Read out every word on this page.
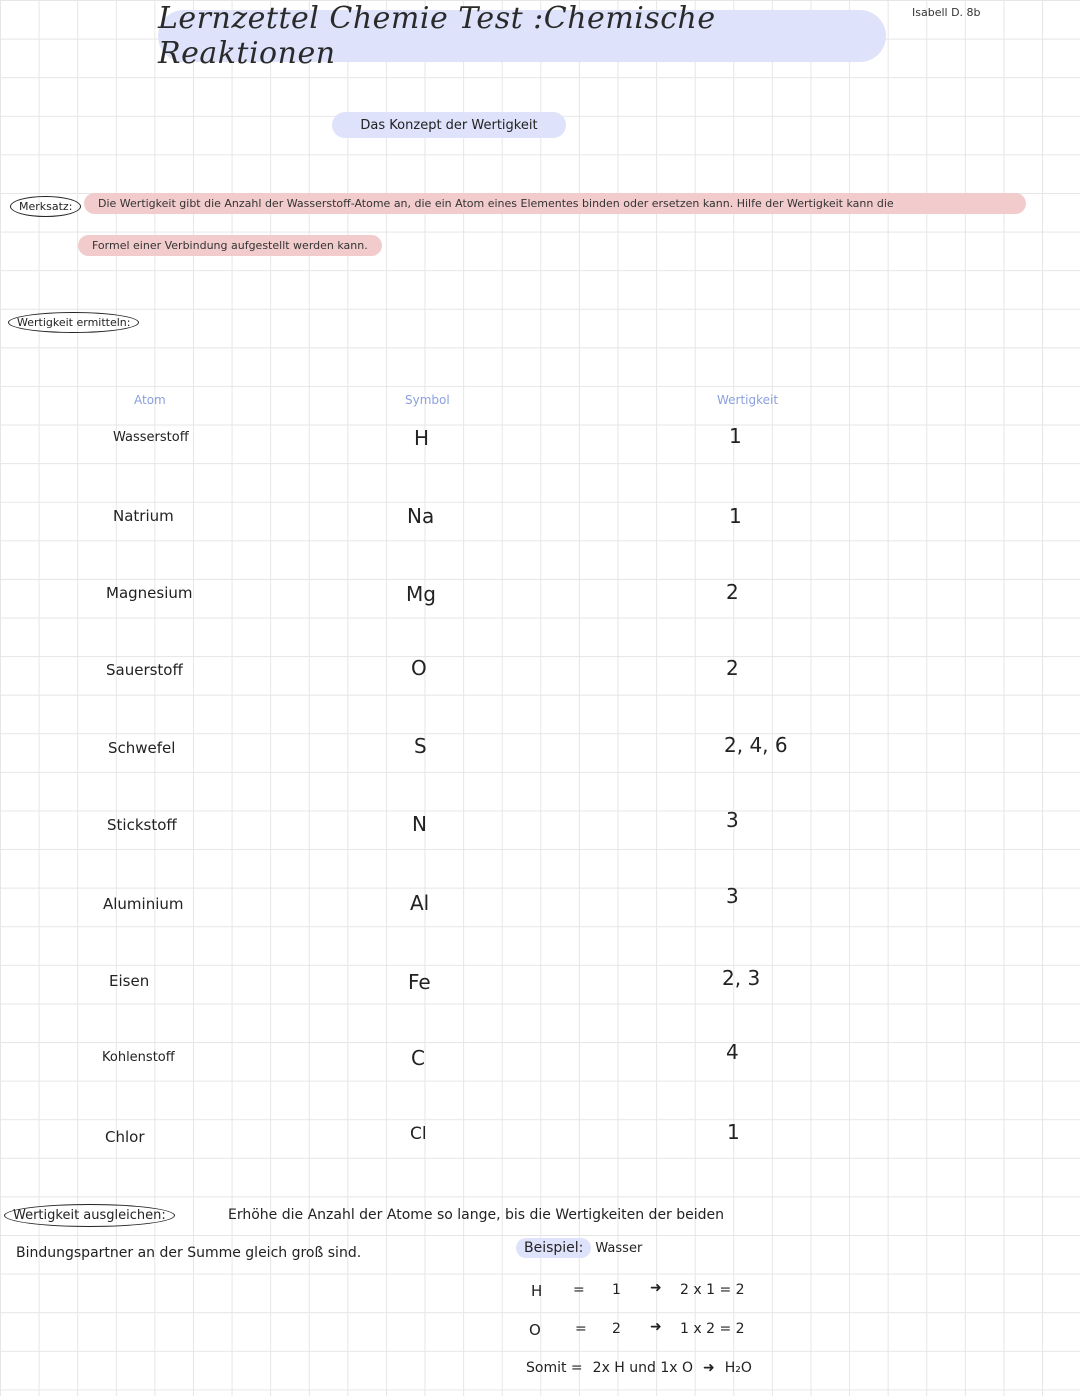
Lernzettel Chemie Test :Chemische Reaktionen
Isabell D. 8b
Das Konzept der Wertigkeit
Merksatz:	Die Wertigkeit gibt die Anzahl der Wasserstoff-Atome an, die ein Atom eines Elementes binden oder ersetzen kann. Hilfe der Wertigkeit kann die
Formel einer Verbindung aufgestellt werden kann.
Wertigkeit ermitteln:
Atom	Symbol	Wertigkeit
Wasserstoff	H	1
Natrium	Na	1
Magnesium	Mg	2
Sauerstoff	O	2
Schwefel	S	2, 4, 6
Stickstoff	N	3
Aluminium	Al	3
Eisen	Fe	2, 3
Kohlenstoff	C	4
Chlor	Cl	1
Wertigkeit ausgleichen:	Erhöhe die Anzahl der Atome so lange, bis die Wertigkeiten der beiden
Bindungspartner an der Summe gleich groß sind.	Beispiel: Wasser
H = 1 ➜ 2 x 1 = 2
O = 2 ➜ 1 x 2 = 2
Somit = 2x H und 1x O ➜ H₂O
